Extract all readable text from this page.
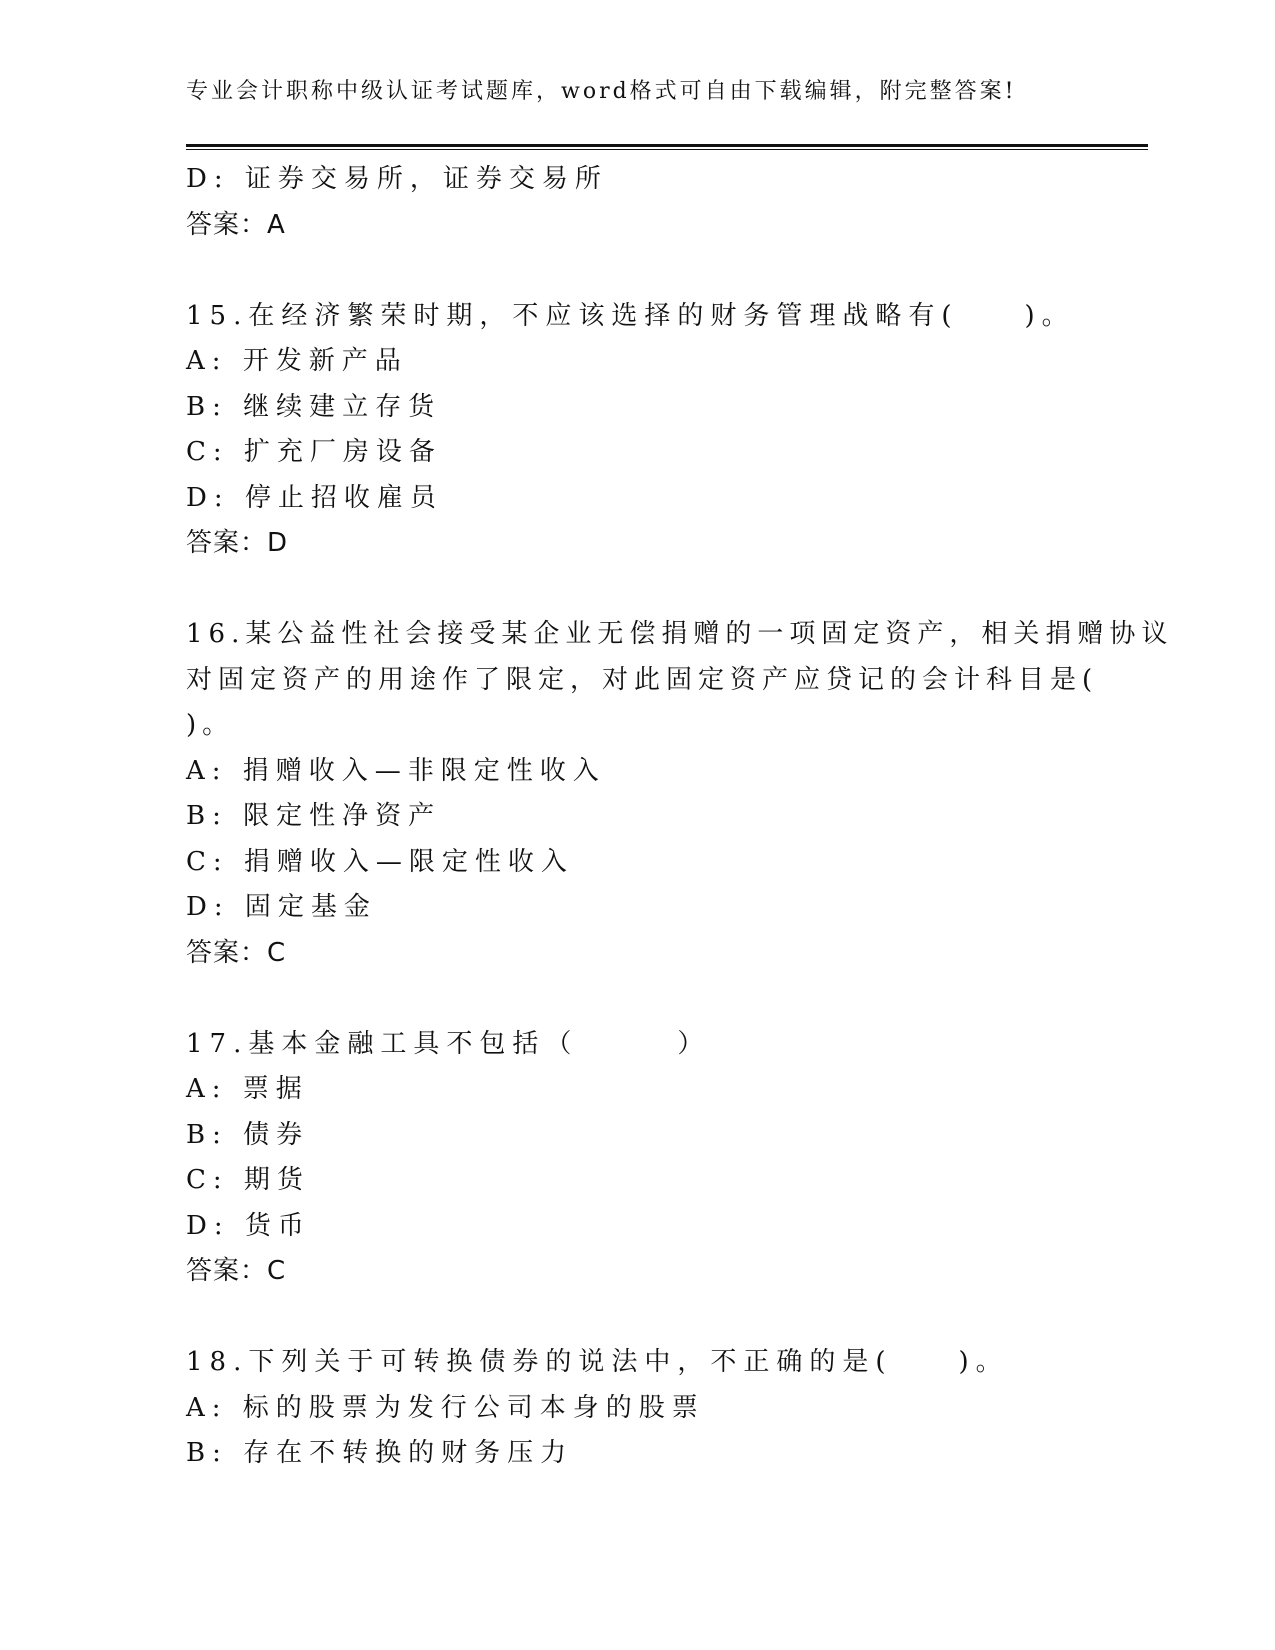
专业会计职称中级认证考试题库，word格式可自由下载编辑，附完整答案!
D: 证券交易所，证券交易所
答案：A
15.在经济繁荣时期，不应该选择的财务管理战略有(　　)。
A: 开发新产品
B: 继续建立存货
C: 扩充厂房设备
D: 停止招收雇员
答案：D
16.某公益性社会接受某企业无偿捐赠的一项固定资产，相关捐赠协议
对固定资产的用途作了限定，对此固定资产应贷记的会计科目是(
)。
A: 捐赠收入—非限定性收入
B: 限定性净资产
C: 捐赠收入—限定性收入
D: 固定基金
答案：C
17.基本金融工具不包括（　　　）
A: 票据
B: 债券
C: 期货
D: 货币
答案：C
18.下列关于可转换债券的说法中，不正确的是(　　)。
A: 标的股票为发行公司本身的股票
B: 存在不转换的财务压力
